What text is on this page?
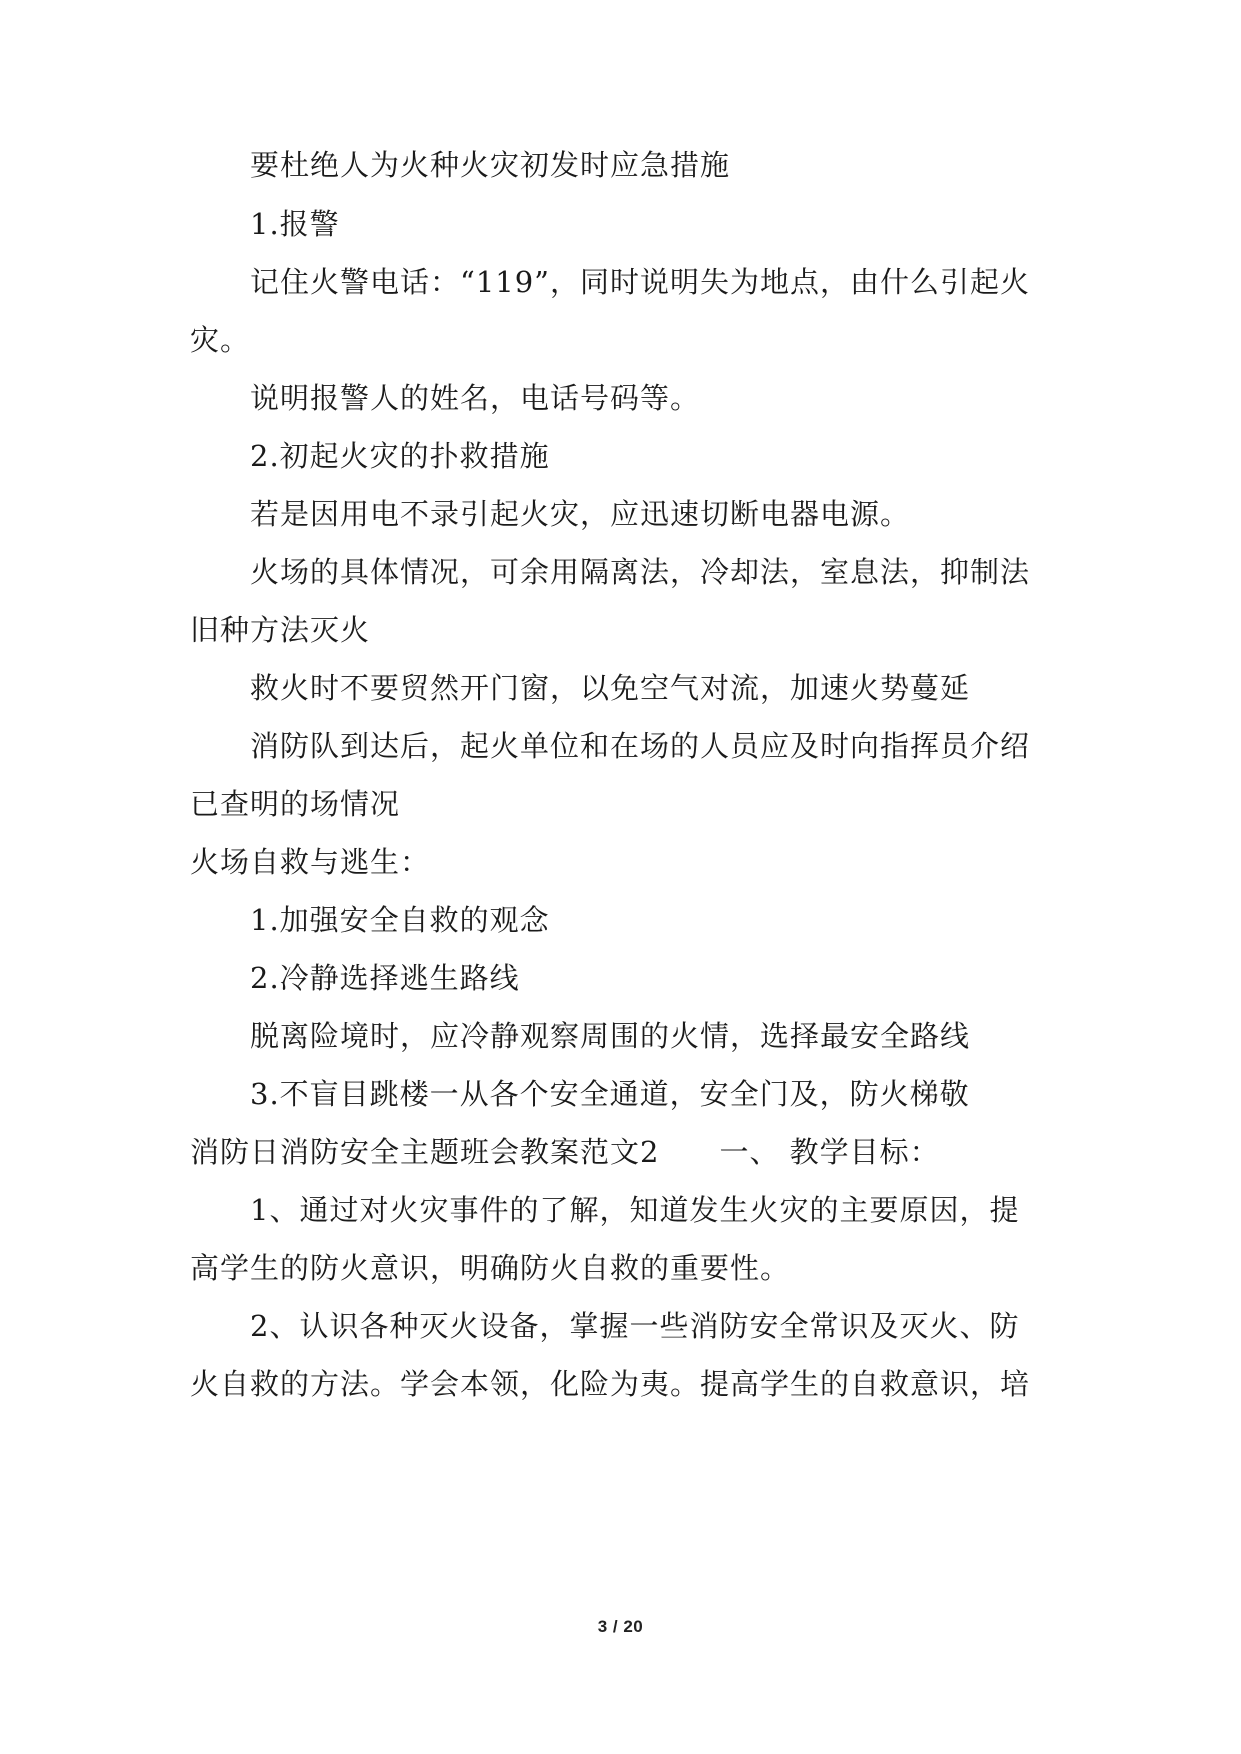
要杜绝人为火种火灾初发时应急措施
1.报警
记住火警电话：“119”，同时说明失为地点，由什么引起火
灾。
说明报警人的姓名，电话号码等。
2.初起火灾的扑救措施
若是因用电不录引起火灾，应迅速切断电器电源。
火场的具体情况，可余用隔离法，冷却法，室息法，抑制法
旧种方法灭火
救火时不要贸然开门窗，以免空气对流，加速火势蔓延
消防队到达后，起火单位和在场的人员应及时向指挥员介绍
已查明的场情况
火场自救与逃生：
1.加强安全自救的观念
2.冷静选择逃生路线
脱离险境时，应冷静观察周围的火情，选择最安全路线
3.不盲目跳楼一从各个安全通道，安全门及，防火梯敬
消防日消防安全主题班会教案范文2　　一、 教学目标：
1、通过对火灾事件的了解，知道发生火灾的主要原因，提
高学生的防火意识，明确防火自救的重要性。
2、认识各种灭火设备，掌握一些消防安全常识及灭火、防
火自救的方法。学会本领，化险为夷。提高学生的自救意识，培
3 / 20
